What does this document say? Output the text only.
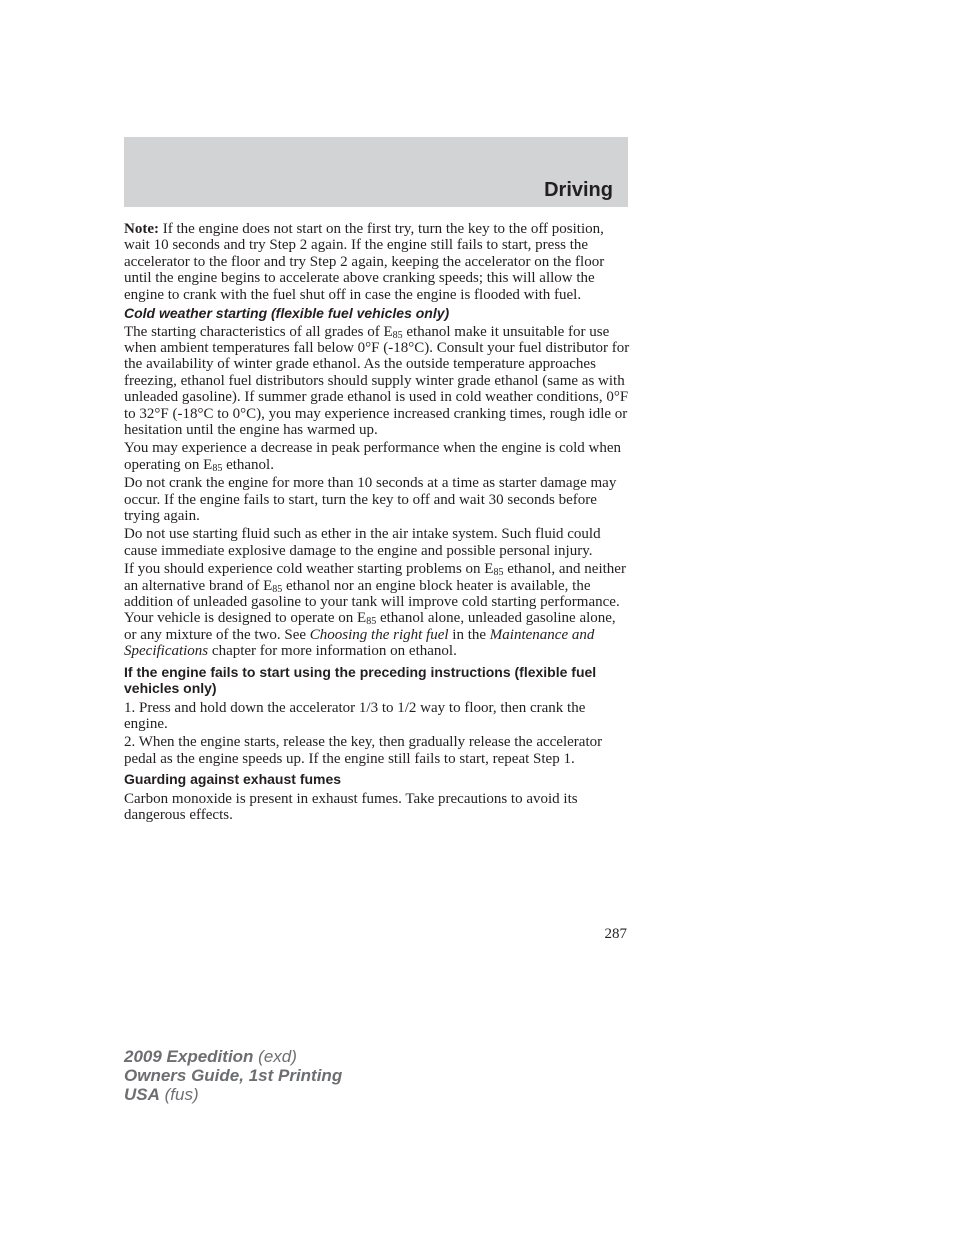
Driving

Note: If the engine does not start on the first try, turn the key to the off position, wait 10 seconds and try Step 2 again. If the engine still fails to start, press the accelerator to the floor and try Step 2 again, keeping the accelerator on the floor until the engine begins to accelerate above cranking speeds; this will allow the engine to crank with the fuel shut off in case the engine is flooded with fuel.

Cold weather starting (flexible fuel vehicles only)

The starting characteristics of all grades of $E_{85}$ ethanol make it unsuitable for use when ambient temperatures fall below 0°F (-18°C). Consult your fuel distributor for the availability of winter grade ethanol. As the outside temperature approaches freezing, ethanol fuel distributors should supply winter grade ethanol (same as with unleaded gasoline). If summer grade ethanol is used in cold weather conditions, 0°F to 32°F (-18°C to 0°C), you may experience increased cranking times, rough idle or hesitation until the engine has warmed up.

You may experience a decrease in peak performance when the engine is cold when operating on $E_{85}$ ethanol.

Do not crank the engine for more than 10 seconds at a time as starter damage may occur. If the engine fails to start, turn the key to off and wait 30 seconds before trying again.

Do not use starting fluid such as ether in the air intake system. Such fluid could cause immediate explosive damage to the engine and possible personal injury.

If you should experience cold weather starting problems on $E_{85}$ ethanol, and neither an alternative brand of $E_{85}$ ethanol nor an engine block heater is available, the addition of unleaded gasoline to your tank will improve cold starting performance. Your vehicle is designed to operate on $E_{85}$ ethanol alone, unleaded gasoline alone, or any mixture of the two. See Choosing the right fuel in the Maintenance and Specifications chapter for more information on ethanol.

If the engine fails to start using the preceding instructions (flexible fuel vehicles only)

1. Press and hold down the accelerator 1/3 to 1/2 way to floor, then crank the engine.

2. When the engine starts, release the key, then gradually release the accelerator pedal as the engine speeds up. If the engine still fails to start, repeat Step 1.

Guarding against exhaust fumes

Carbon monoxide is present in exhaust fumes. Take precautions to avoid its dangerous effects.

287
2009 Expedition (exd)
Owners Guide, 1st Printing
USA (fus)
